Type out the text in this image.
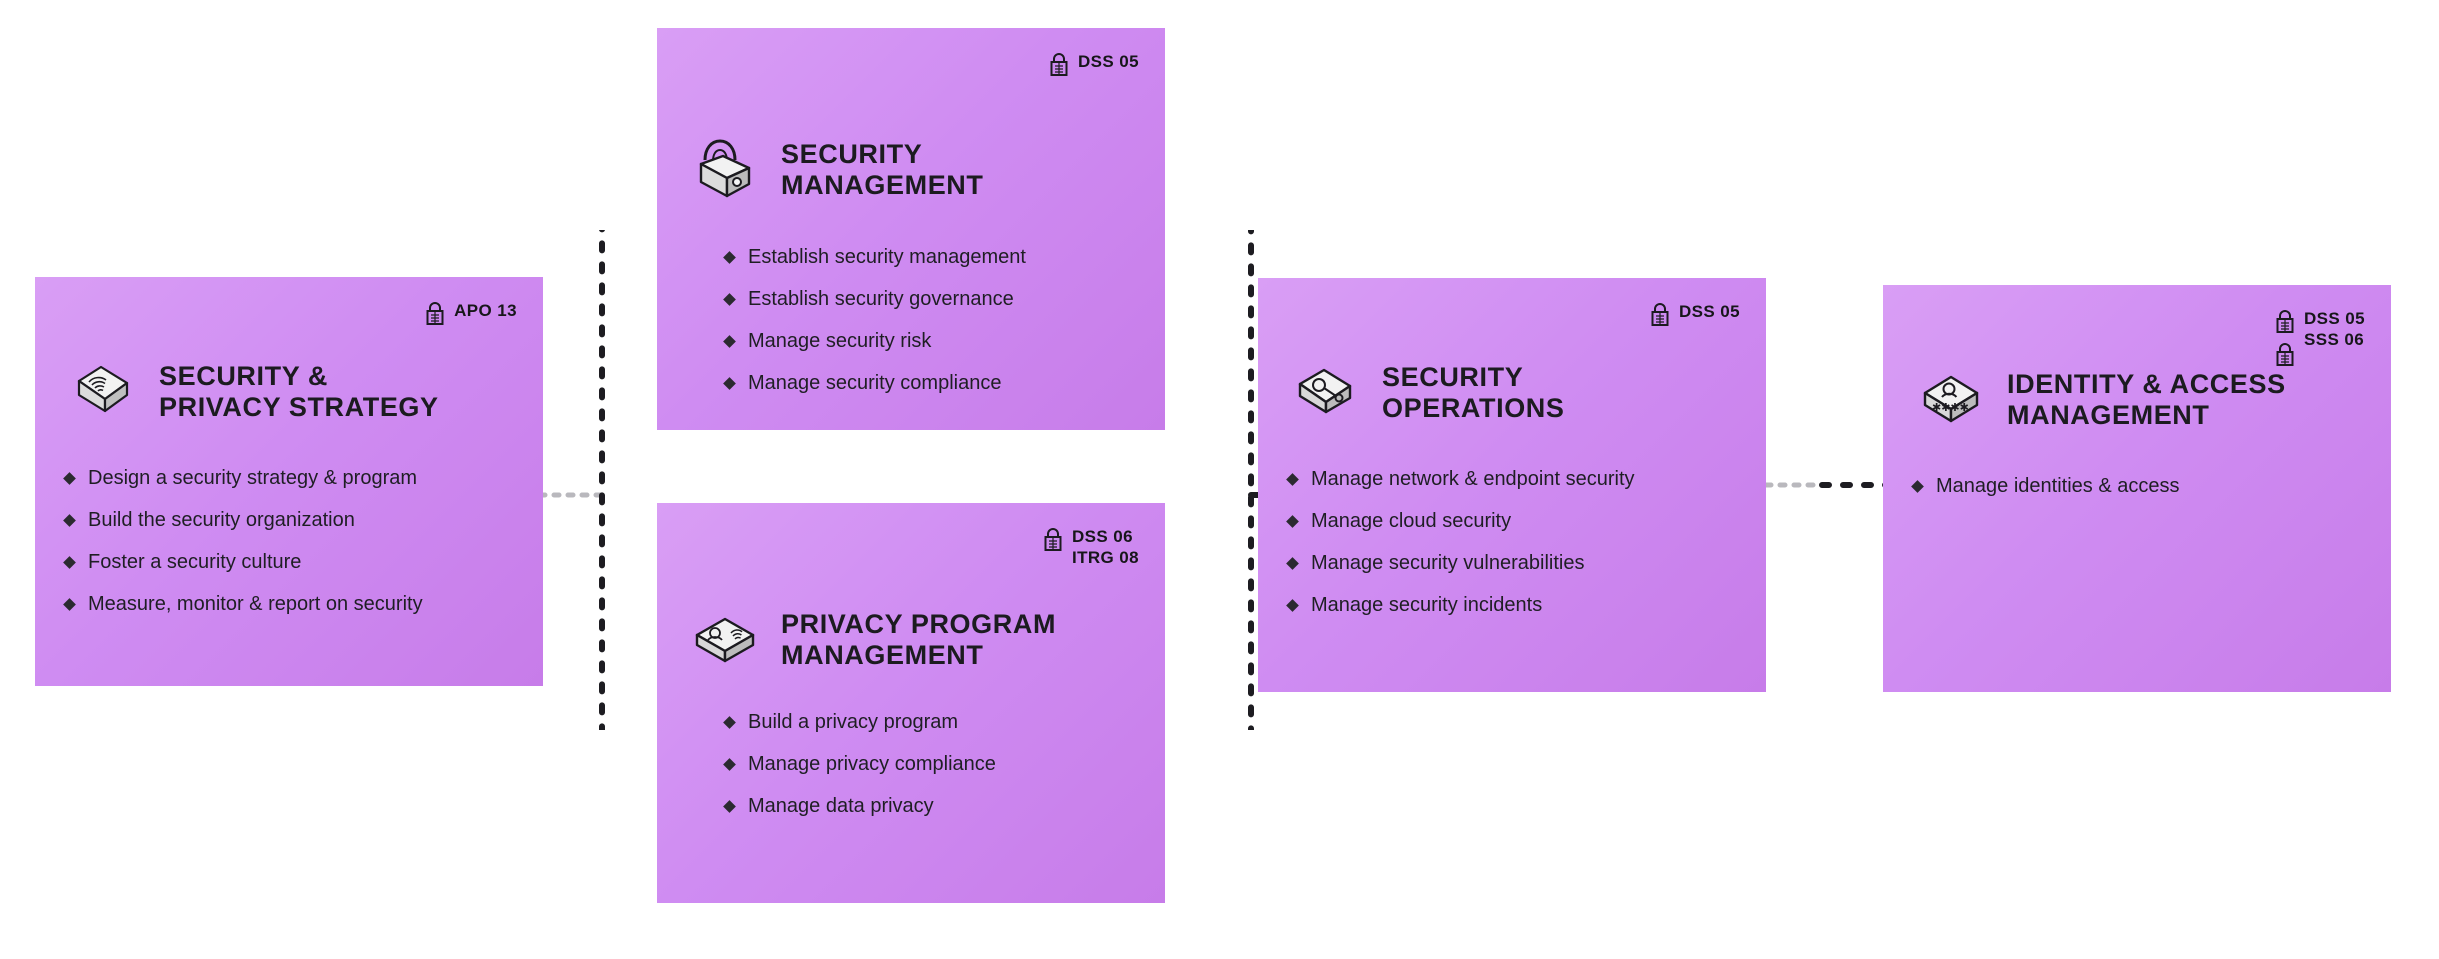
APO 13
SECURITY &
PRIVACY STRATEGY
Design a security strategy & program
Build the security organization
Foster a security culture
Measure, monitor & report on security
DSS 05
SECURITY
MANAGEMENT
Establish security management
Establish security governance
Manage security risk
Manage security compliance
DSS 06
ITRG 08
PRIVACY PROGRAM
MANAGEMENT
Build a privacy program
Manage privacy compliance
Manage data privacy
DSS 05
SECURITY
OPERATIONS
Manage network & endpoint security
Manage cloud security
Manage security vulnerabilities
Manage security incidents
DSS 05
SSS 06
✱✱✱✱
IDENTITY & ACCESS
MANAGEMENT
Manage identities & access
